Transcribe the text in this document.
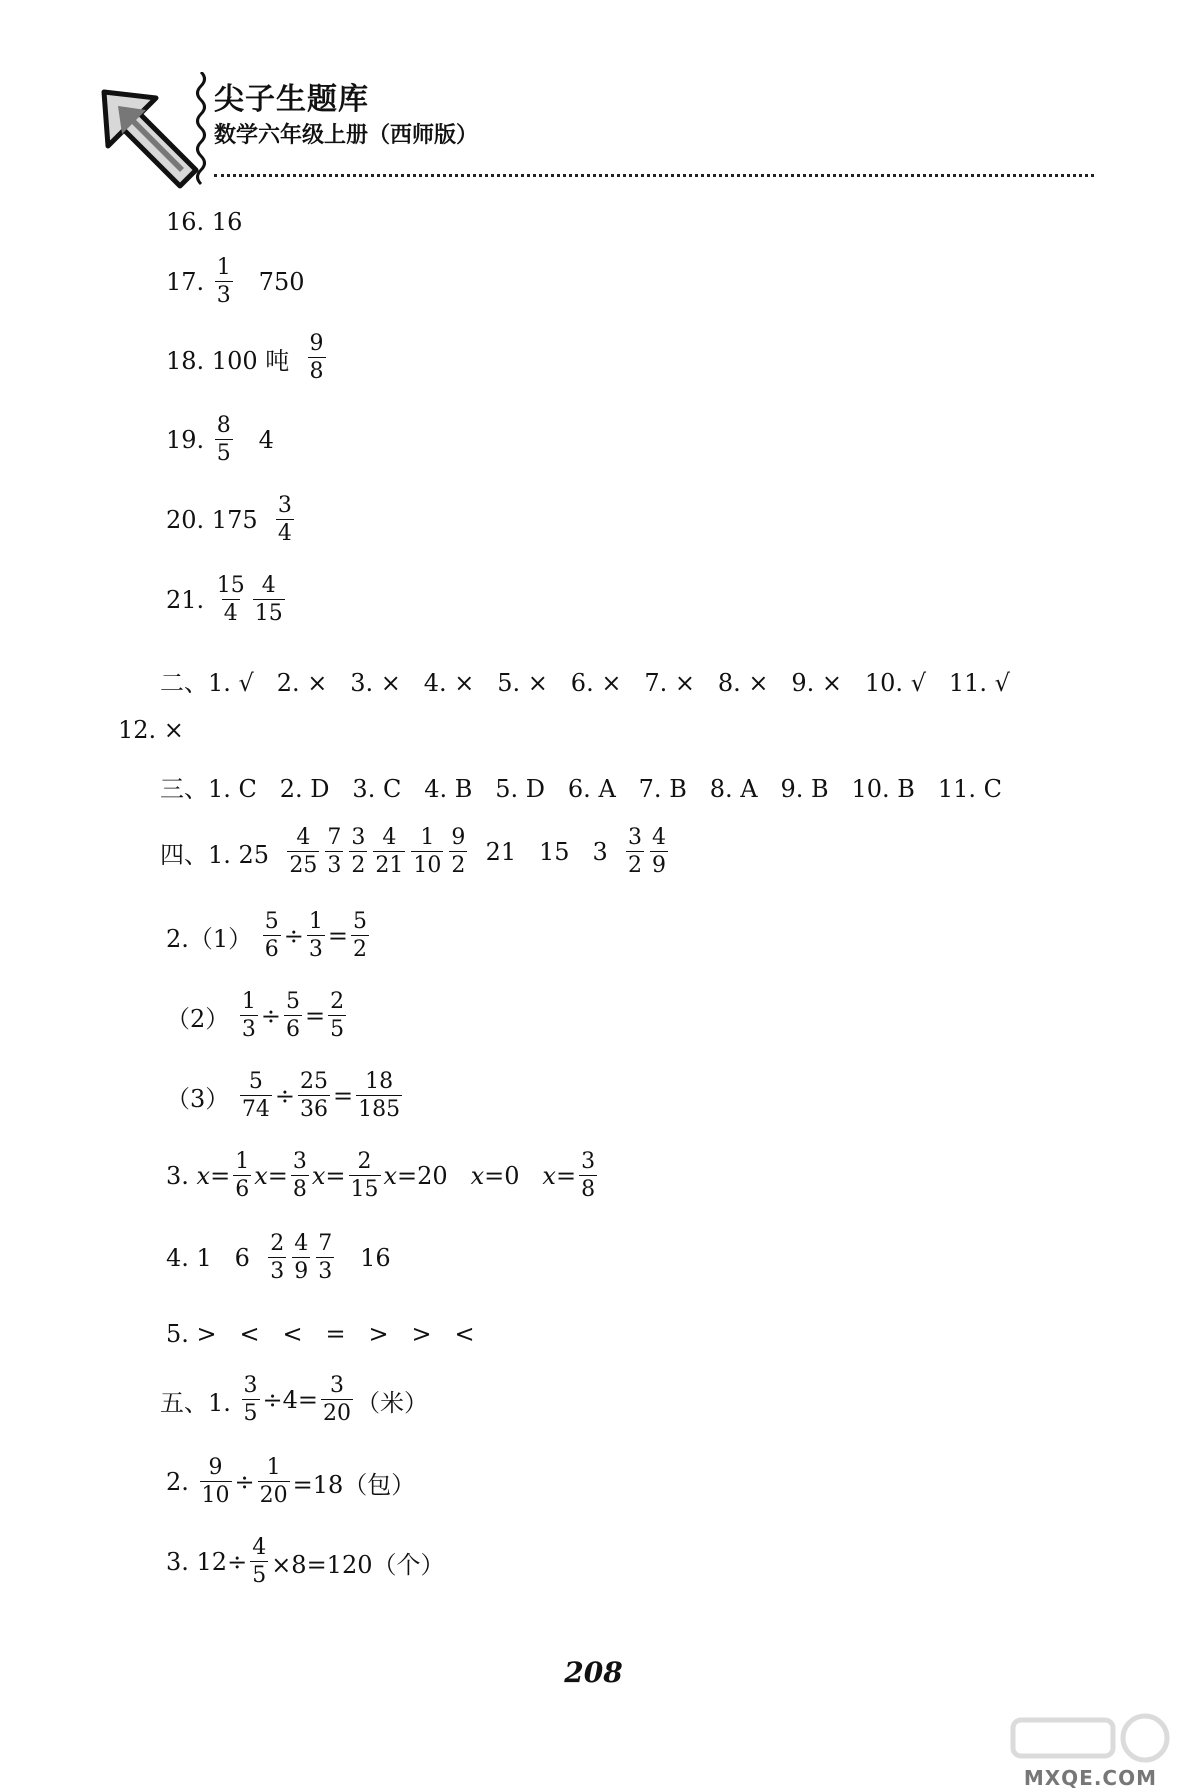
尖子生题库
数学六年级上册（西师版）
16. 16
17. $\frac{1}{3} 750$
18. 100 吨 $\frac{9}{8}$
19. $\frac{8}{5} 4$
20. $175 \frac{3}{4}$
21. $\frac{15}{4} \frac{4}{15}$
二、1. √   2. ×   3. ×   4. ×   5. ×   6. ×   7. ×   8. ×   9. ×   10. √   11. √
12. ×
三、1. C   2. D   3. C   4. B   5. D   6. A   7. B   8. A   9. B   10. B   11. C
四、1. $25 \frac{4}{25} \frac{7}{3} \frac{3}{2} \frac{4}{21} \frac{1}{10} \frac{9}{2} 21$   15   $3 \frac{3}{2} \frac{4}{9}$
$2.(1) \frac{5}{6} \div \frac{1}{3} = \frac{5}{2}$
$(2) \frac{1}{3} \div \frac{5}{6} = \frac{2}{5}$
$(3) \frac{5}{74} \div \frac{25}{36} = \frac{18}{185}$
3. $x = \frac{1}{6}$ $x = \frac{3}{8}$ $x = \frac{2}{15}$ x =20 x =0 $x = \frac{3}{8}$
4. 1   $6 \frac{2}{3} \frac{4}{9} \frac{7}{3} 16$
5. >   <   <   =   >   >   <
五、1. $\frac{3}{5} \div 4= \frac{3}{20}$ （米）
2. $\frac{9}{10} \div \frac{1}{20} =18$（包）
3. $12\div \frac{4}{5} \times 8=120$（个）
208
MXQE.COM
